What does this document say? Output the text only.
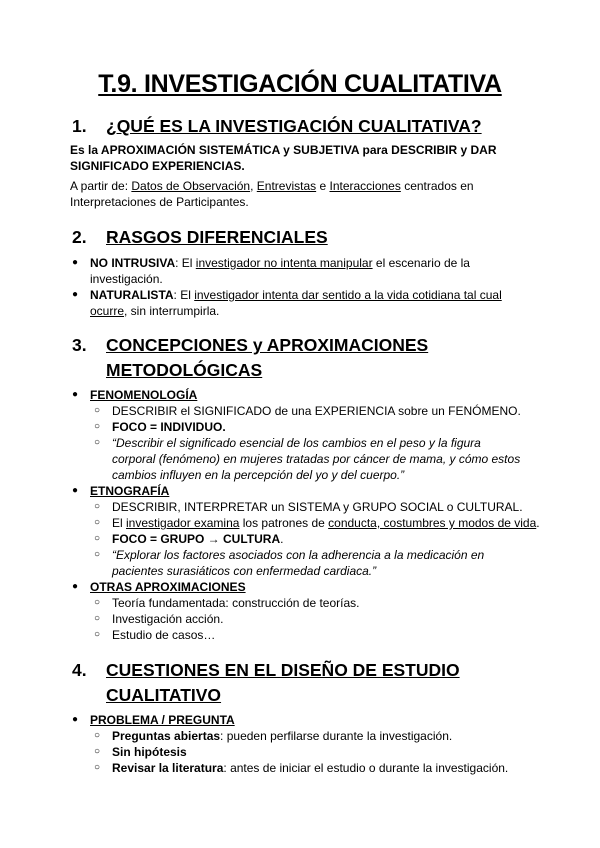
T.9. INVESTIGACIÓN CUALITATIVA
1. ¿QUÉ ES LA INVESTIGACIÓN CUALITATIVA?
Es la APROXIMACIÓN SISTEMÁTICA y SUBJETIVA para DESCRIBIR y DAR
SIGNIFICADO EXPERIENCIAS.
A partir de: Datos de Observación, Entrevistas e Interacciones centrados en
Interpretaciones de Participantes.
2. RASGOS DIFERENCIALES
● NO INTRUSIVA: El investigador no intenta manipular el escenario de la
investigación.
● NATURALISTA: El investigador intenta dar sentido a la vida cotidiana tal cual
ocurre, sin interrumpirla.
3. CONCEPCIONES y APROXIMACIONES
METODOLÓGICAS
● FENOMENOLOGÍA
○ DESCRIBIR el SIGNIFICADO de una EXPERIENCIA sobre un FENÓMENO.
○ FOCO = INDIVIDUO.
○ “Describir el significado esencial de los cambios en el peso y la figura
corporal (fenómeno) en mujeres tratadas por cáncer de mama, y cómo estos
cambios influyen en la percepción del yo y del cuerpo.”
● ETNOGRAFÍA
○ DESCRIBIR, INTERPRETAR un SISTEMA y GRUPO SOCIAL o CULTURAL.
○ El investigador examina los patrones de conducta, costumbres y modos de vida.
○ FOCO = GRUPO → CULTURA.
○ “Explorar los factores asociados con la adherencia a la medicación en
pacientes surasiáticos con enfermedad cardiaca.”
● OTRAS APROXIMACIONES
○ Teoría fundamentada: construcción de teorías.
○ Investigación acción.
○ Estudio de casos…
4. CUESTIONES EN EL DISEÑO DE ESTUDIO
CUALITATIVO
● PROBLEMA / PREGUNTA
○ Preguntas abiertas: pueden perfilarse durante la investigación.
○ Sin hipótesis
○ Revisar la literatura: antes de iniciar el estudio o durante la investigación.
